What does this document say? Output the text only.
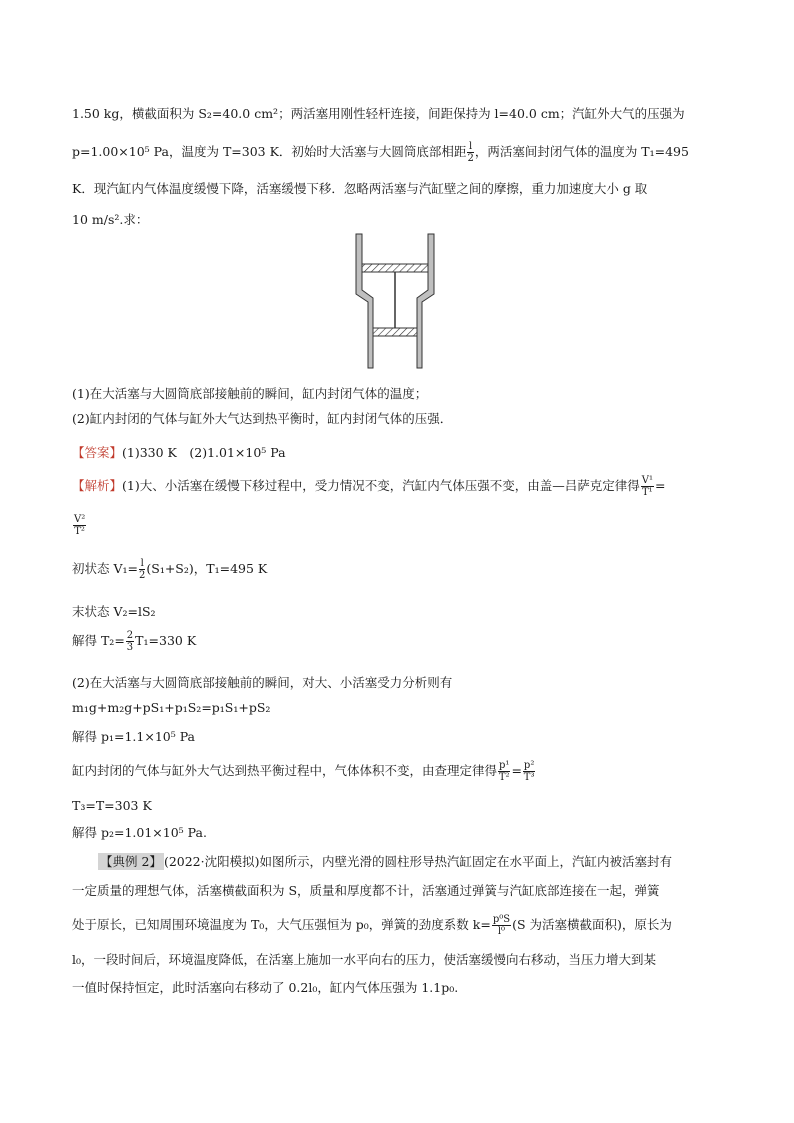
1.50 kg，横截面积为 S₂=40.0 cm²；两活塞用刚性轻杆连接，间距保持为 l=40.0 cm；汽缸外大气的压强为
p=1.00×10⁵ Pa，温度为 T=303 K．初始时大活塞与大圆筒底部相距 $\frac{l}{2}$ ，两活塞间封闭气体的温度为 T₁=495
K．现汽缸内气体温度缓慢下降，活塞缓慢下移．忽略两活塞与汽缸壁之间的摩擦，重力加速度大小 g 取
10 m/s².求：
(1)在大活塞与大圆筒底部接触前的瞬间，缸内封闭气体的温度；
(2)缸内封闭的气体与缸外大气达到热平衡时，缸内封闭气体的压强．
【答案】(1)330 K　(2)1.01×10⁵ Pa
【解析】(1)大、小活塞在缓慢下移过程中，受力情况不变，汽缸内气体压强不变，由盖—吕萨克定律得 $\frac{\text{V¹}}{\text{T¹}}$ =
$\frac{\text{V²}}{\text{T²}}$
初状态 $V_1= \frac{l}{2} (S_1+S_2)$，T₁=495 K
末状态 V₂=lS₂
解得 $T_2= \frac{2}{3} T_1=330$ K
(2)在大活塞与大圆筒底部接触前的瞬间，对大、小活塞受力分析则有
m₁g+m₂g+pS₁+p₁S₂=p₁S₁+pS₂
解得 p₁=1.1×10⁵ Pa
缸内封闭的气体与缸外大气达到热平衡过程中，气体体积不变，由查理定律得 $\frac{\text{p¹}}{\text{T²}} = \frac{\text{p²}}{\text{T³}}$
T₃=T=303 K
解得 p₂=1.01×10⁵ Pa.
【典例 2】 (2022·沈阳模拟)如图所示，内壁光滑的圆柱形导热汽缸固定在水平面上，汽缸内被活塞封有
一定质量的理想气体，活塞横截面积为 S，质量和厚度都不计，活塞通过弹簧与汽缸底部连接在一起，弹簧
处于原长，已知周围环境温度为 T₀，大气压强恒为 p₀，弹簧的劲度系数 $k= \frac{\text{p⁰S}}{\text{l⁰}} (S$ 为活塞横截面积)，原长为
l₀，一段时间后，环境温度降低，在活塞上施加一水平向右的压力，使活塞缓慢向右移动，当压力增大到某
一值时保持恒定，此时活塞向右移动了 0.2l₀，缸内气体压强为 1.1p₀.
